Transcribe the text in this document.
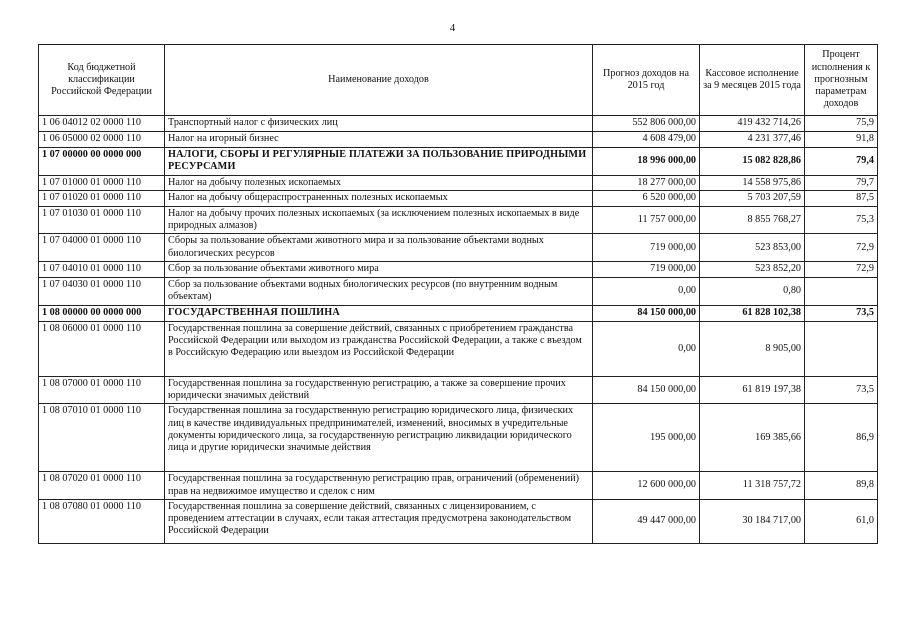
4
Код бюджетной классификации Российской Федерации	Наименование доходов	Прогноз доходов на 2015 год	Кассовое исполнение за 9 месяцев 2015 года	Процент исполнения к прогнозным параметрам доходов
1 06 04012 02 0000 110	Транспортный налог с физических лиц	552 806 000,00	419 432 714,26	75,9
1 06 05000 02 0000 110	Налог на игорный бизнес	4 608 479,00	4 231 377,46	91,8
1 07 00000 00 0000 000	НАЛОГИ, СБОРЫ И РЕГУЛЯРНЫЕ ПЛАТЕЖИ ЗА ПОЛЬЗОВАНИЕ ПРИРОДНЫМИ РЕСУРСАМИ	18 996 000,00	15 082 828,86	79,4
1 07 01000 01 0000 110	Налог на добычу полезных ископаемых	18 277 000,00	14 558 975,86	79,7
1 07 01020 01 0000 110	Налог на добычу общераспространенных полезных ископаемых	6 520 000,00	5 703 207,59	87,5
1 07 01030 01 0000 110	Налог на добычу прочих полезных ископаемых (за исключением полезных ископаемых в виде природных алмазов)	11 757 000,00	8 855 768,27	75,3
1 07 04000 01 0000 110	Сборы за пользование объектами животного мира и за пользование объектами водных биологических ресурсов	719 000,00	523 853,00	72,9
1 07 04010 01 0000 110	Сбор за пользование объектами животного мира	719 000,00	523 852,20	72,9
1 07 04030 01 0000 110	Сбор за пользование объектами водных биологических ресурсов (по внутренним водным объектам)	0,00	0,80	
1 08 00000 00 0000 000	ГОСУДАРСТВЕННАЯ ПОШЛИНА	84 150 000,00	61 828 102,38	73,5
1 08 06000 01 0000 110	Государственная пошлина за совершение действий, связанных с приобретением гражданства Российской Федерации или выходом из гражданства Российской Федерации, а также с въездом в Российскую Федерацию или выездом из Российской Федерации	0,00	8 905,00	
1 08 07000 01 0000 110	Государственная пошлина за государственную регистрацию, а также за совершение прочих юридически значимых действий	84 150 000,00	61 819 197,38	73,5
1 08 07010 01 0000 110	Государственная пошлина за государственную регистрацию юридического лица, физических лиц в качестве индивидуальных предпринимателей, изменений, вносимых в учредительные документы юридического лица, за государственную регистрацию ликвидации юридического лица и другие юридически значимые действия	195 000,00	169 385,66	86,9
1 08 07020 01 0000 110	Государственная пошлина за государственную регистрацию прав, ограничений (обременений) прав на недвижимое имущество и сделок с ним	12 600 000,00	11 318 757,72	89,8
1 08 07080 01 0000 110	Государственная пошлина за совершение действий, связанных с лицензированием, с проведением аттестации в случаях, если такая аттестация предусмотрена законодательством Российской Федерации	49 447 000,00	30 184 717,00	61,0
